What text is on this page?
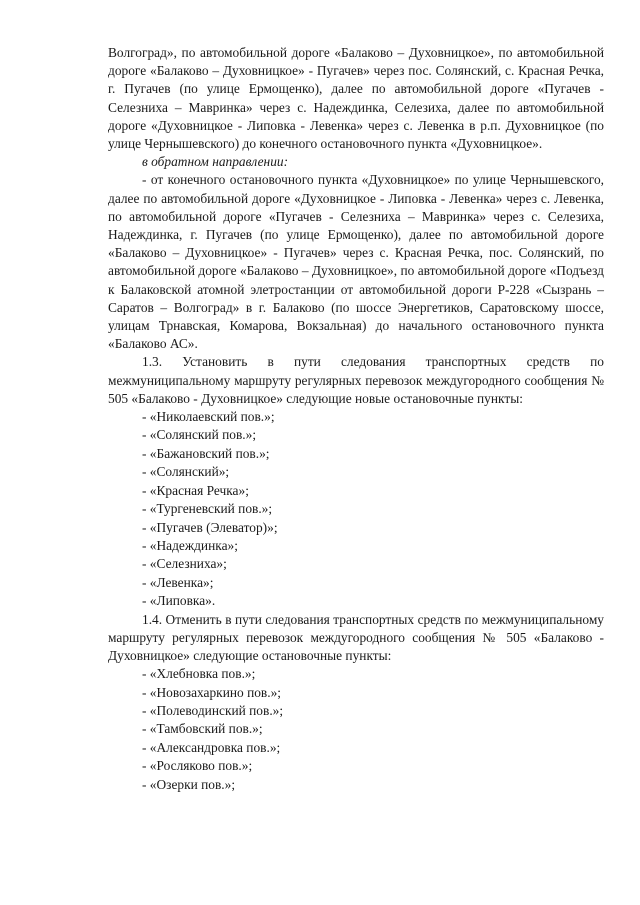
Волгоград», по автомобильной дороге «Балаково – Духовницкое», по автомобильной дороге «Балаково – Духовницкое» - Пугачев» через пос. Солянский, с. Красная Речка, г. Пугачев (по улице Ермощенко), далее по автомобильной дороге «Пугачев - Селезниха – Мавринка» через с. Надеждинка, Селезиха, далее по автомобильной дороге «Духовницкое - Липовка - Левенка» через с. Левенка в р.п. Духовницкое (по улице Чернышевского) до конечного остановочного пункта «Духовницкое».

в обратном направлении:

- от конечного остановочного пункта «Духовницкое» по улице Чернышевского, далее по автомобильной дороге «Духовницкое - Липовка - Левенка» через с. Левенка, по автомобильной дороге «Пугачев - Селезниха – Мавринка» через с. Селезиха, Надеждинка, г. Пугачев (по улице Ермощенко), далее по автомобильной дороге «Балаково – Духовницкое» - Пугачев» через с. Красная Речка, пос. Солянский, по автомобильной дороге «Балаково – Духовницкое», по автомобильной дороге «Подъезд к Балаковской атомной элетростанции от автомобильной дороги Р-228 «Сызрань – Саратов – Волгоград» в г. Балаково (по шоссе Энергетиков, Саратовскому шоссе, улицам Трнавская, Комарова, Вокзальная) до начального остановочного пункта «Балаково АС».

1.3. Установить в пути следования транспортных средств по межмуниципальному маршруту регулярных перевозок междугородного сообщения № 505 «Балаково - Духовницкое» следующие новые остановочные пункты:

- «Николаевский пов.»;
- «Солянский пов.»;
- «Бажановский пов.»;
- «Солянский»;
- «Красная Речка»;
- «Тургеневский пов.»;
- «Пугачев (Элеватор)»;
- «Надеждинка»;
- «Селезниха»;
- «Левенка»;
- «Липовка».

1.4. Отменить в пути следования транспортных средств по межмуниципальному маршруту регулярных перевозок междугородного сообщения № 505 «Балаково - Духовницкое» следующие остановочные пункты:

- «Хлебновка пов.»;
- «Новозахаркино пов.»;
- «Полеводинский пов.»;
- «Тамбовский пов.»;
- «Александровка пов.»;
- «Росляково пов.»;
- «Озерки пов.»;
